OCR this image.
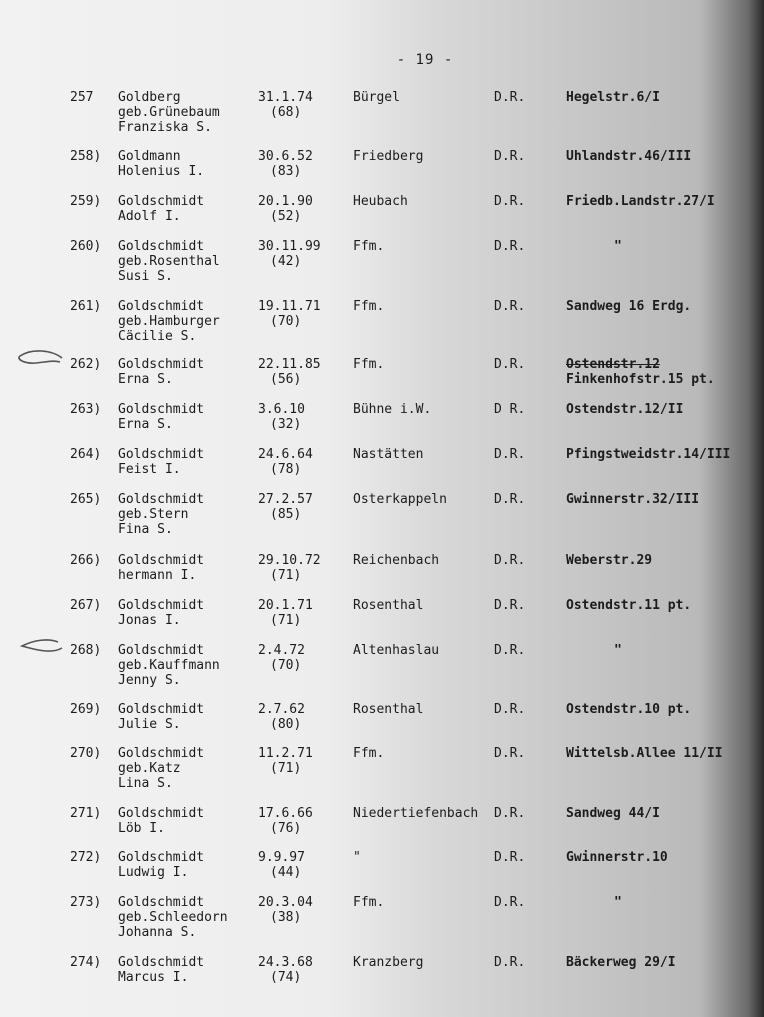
- 19 -
257 Goldberg
geb.Grünebaum
Franziska S.
31.1.74
(68)
Bürgel	D.R.	Hegelstr.6/I
258) Goldmann
Holenius I.
30.6.52
(83)
Friedberg	D.R.	Uhlandstr.46/III
259) Goldschmidt
Adolf I.
20.1.90
(52)
Heubach	D.R.	Friedb.Landstr.27/I
260) Goldschmidt
geb.Rosenthal
Susi S.
30.11.99
(42)
Ffm.	D.R.	"
261) Goldschmidt
geb.Hamburger
Cäcilie S.
19.11.71
(70)
Ffm.	D.R.	Sandweg 16 Erdg.
262) Goldschmidt
Erna S.
22.11.85
(56)
Ffm.	D.R.	Ostendstr.12
Finkenhofstr.15 pt.
263) Goldschmidt
Erna S.
3.6.10
(32)
Bühne i.W.	D R.	Ostendstr.12/II
264) Goldschmidt
Feist I.
24.6.64
(78)
Nastätten	D.R.	Pfingstweidstr.14/III
265) Goldschmidt
geb.Stern
Fina S.
27.2.57
(85)
Osterkappeln	D.R.	Gwinnerstr.32/III
266) Goldschmidt
hermann I.
29.10.72
(71)
Reichenbach	D.R.	Weberstr.29
267) Goldschmidt
Jonas I.
20.1.71
(71)
Rosenthal	D.R.	Ostendstr.11 pt.
268) Goldschmidt
geb.Kauffmann
Jenny S.
2.4.72
(70)
Altenhaslau	D.R.	"
269) Goldschmidt
Julie S.
2.7.62
(80)
Rosenthal	D.R.	Ostendstr.10 pt.
270) Goldschmidt
geb.Katz
Lina S.
11.2.71
(71)
Ffm.	D.R.	Wittelsb.Allee 11/II
271) Goldschmidt
Löb I.
17.6.66
(76)
Niedertiefenbach D.R.	Sandweg 44/I
272) Goldschmidt
Ludwig I.
9.9.97
(44)
"	D.R.	Gwinnerstr.10
273) Goldschmidt
geb.Schleedorn
Johanna S.
20.3.04
(38)
Ffm.	D.R.	"
274) Goldschmidt
Marcus I.
24.3.68
(74)
Kranzberg	D.R.	Bäckerweg 29/I
